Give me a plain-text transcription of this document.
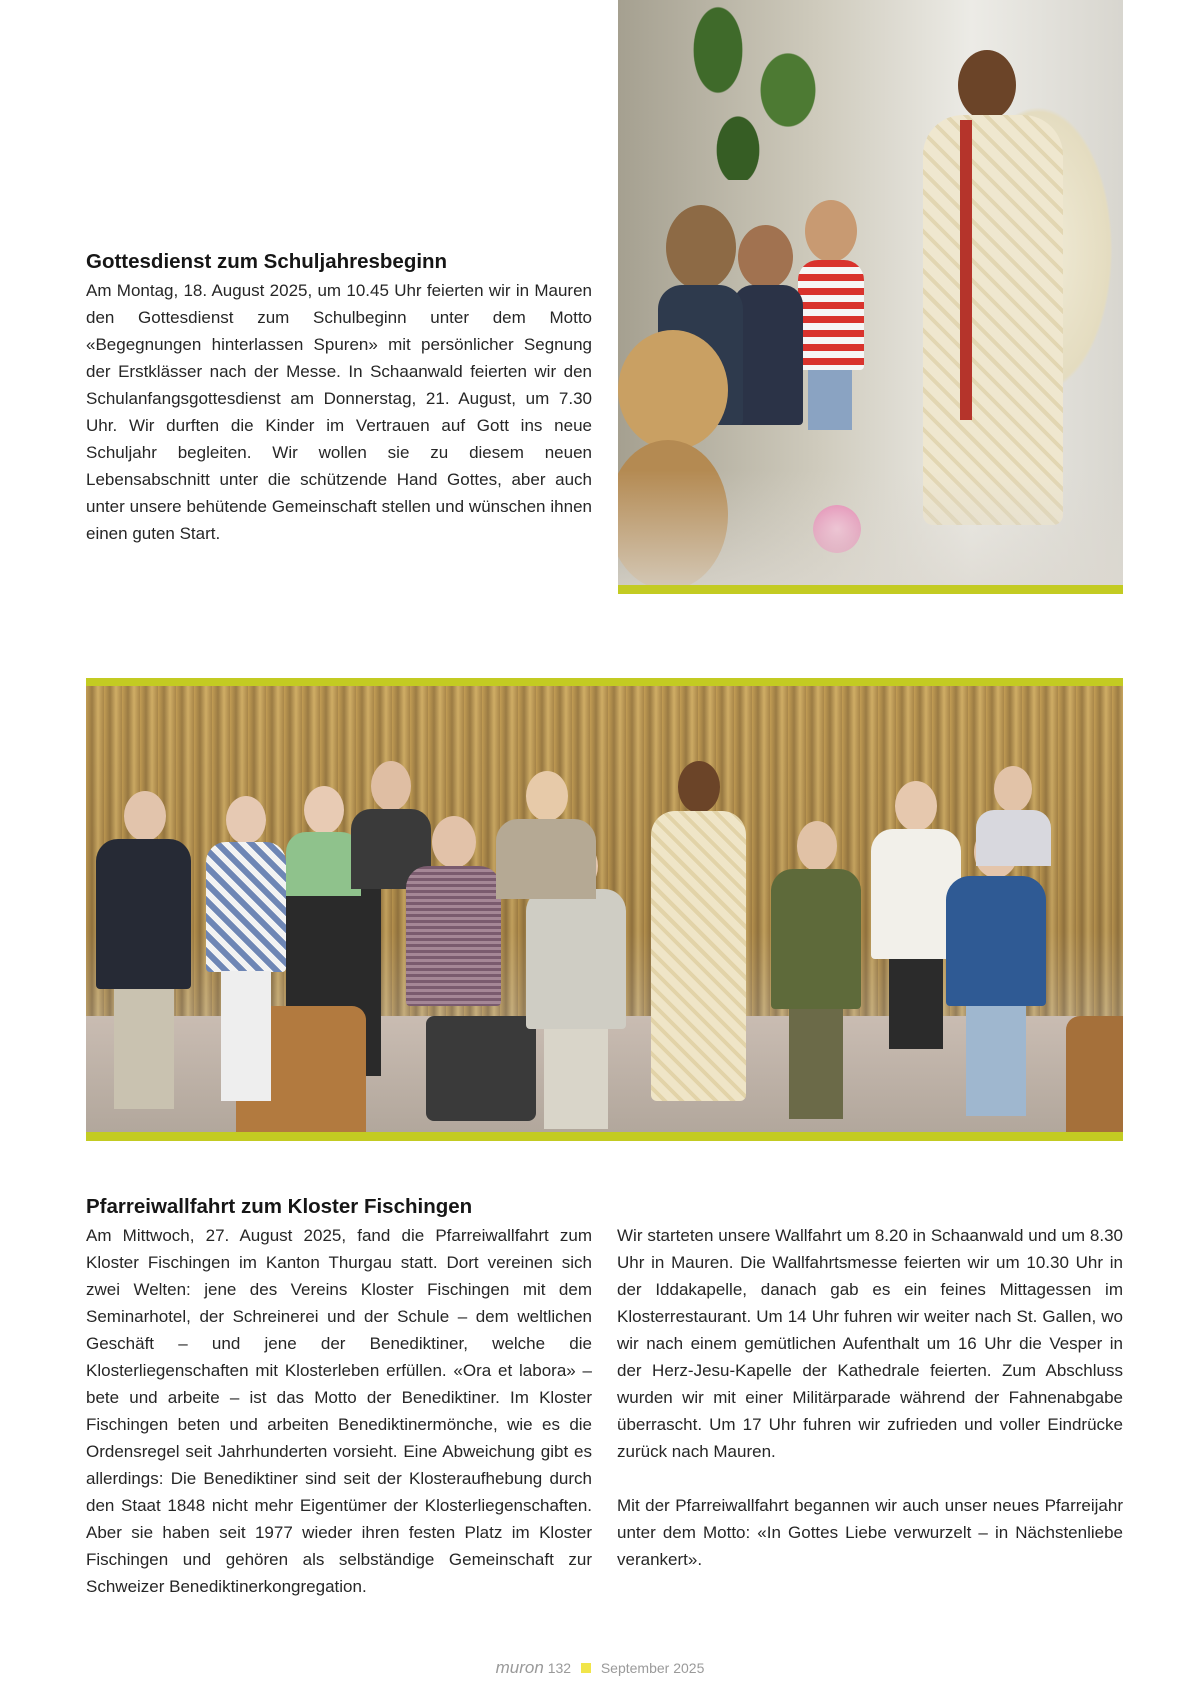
Gottesdienst zum Schuljahresbeginn

Am Montag, 18. August 2025, um 10.45 Uhr feierten wir in Mauren den Gottesdienst zum Schulbeginn unter dem Motto «Begegnungen hinterlassen Spuren» mit persönlicher Segnung der Erstklässer nach der Messe. In Schaanwald feierten wir den Schulanfangsgottesdienst am Donnerstag, 21. August, um 7.30 Uhr. Wir durften die Kinder im Vertrauen auf Gott ins neue Schuljahr begleiten. Wir wollen sie zu diesem neuen Lebensabschnitt unter die schützende Hand Gottes, aber auch unter unsere behütende Gemeinschaft stellen und wünschen ihnen einen guten Start.

Pfarreiwallfahrt zum Kloster Fischingen

Am Mittwoch, 27. August 2025, fand die Pfarreiwallfahrt zum Kloster Fischingen im Kanton Thurgau statt. Dort vereinen sich zwei Welten: jene des Vereins Kloster Fischingen mit dem Seminarhotel, der Schreinerei und der Schule – dem weltlichen Geschäft – und jene der Benediktiner, welche die Klosterliegenschaften mit Klosterleben erfüllen. «Ora et labora» – bete und arbeite – ist das Motto der Benediktiner. Im Kloster Fischingen beten und arbeiten Benediktinermönche, wie es die Ordensregel seit Jahrhunderten vorsieht. Eine Abweichung gibt es allerdings: Die Benediktiner sind seit der Klosteraufhebung durch den Staat 1848 nicht mehr Eigentümer der Klosterliegenschaften. Aber sie haben seit 1977 wieder ihren festen Platz im Kloster Fischingen und gehören als selbständige Gemeinschaft zur Schweizer Benediktinerkongregation.

Wir starteten unsere Wallfahrt um 8.20 in Schaanwald und um 8.30 Uhr in Mauren. Die Wallfahrtsmesse feierten wir um 10.30 Uhr in der Iddakapelle, danach gab es ein feines Mittagessen im Klosterrestaurant. Um 14 Uhr fuhren wir weiter nach St. Gallen, wo wir nach einem gemütlichen Aufenthalt um 16 Uhr die Vesper in der Herz-Jesu-Kapelle der Kathedrale feierten. Zum Abschluss wurden wir mit einer Militärparade während der Fahnenabgabe überrascht. Um 17 Uhr fuhren wir zufrieden und voller Eindrücke zurück nach Mauren.

Mit der Pfarreiwallfahrt begannen wir auch unser neues Pfarreijahr unter dem Motto: «In Gottes Liebe verwurzelt – in Nächstenliebe verankert».

muron 132 September 2025
